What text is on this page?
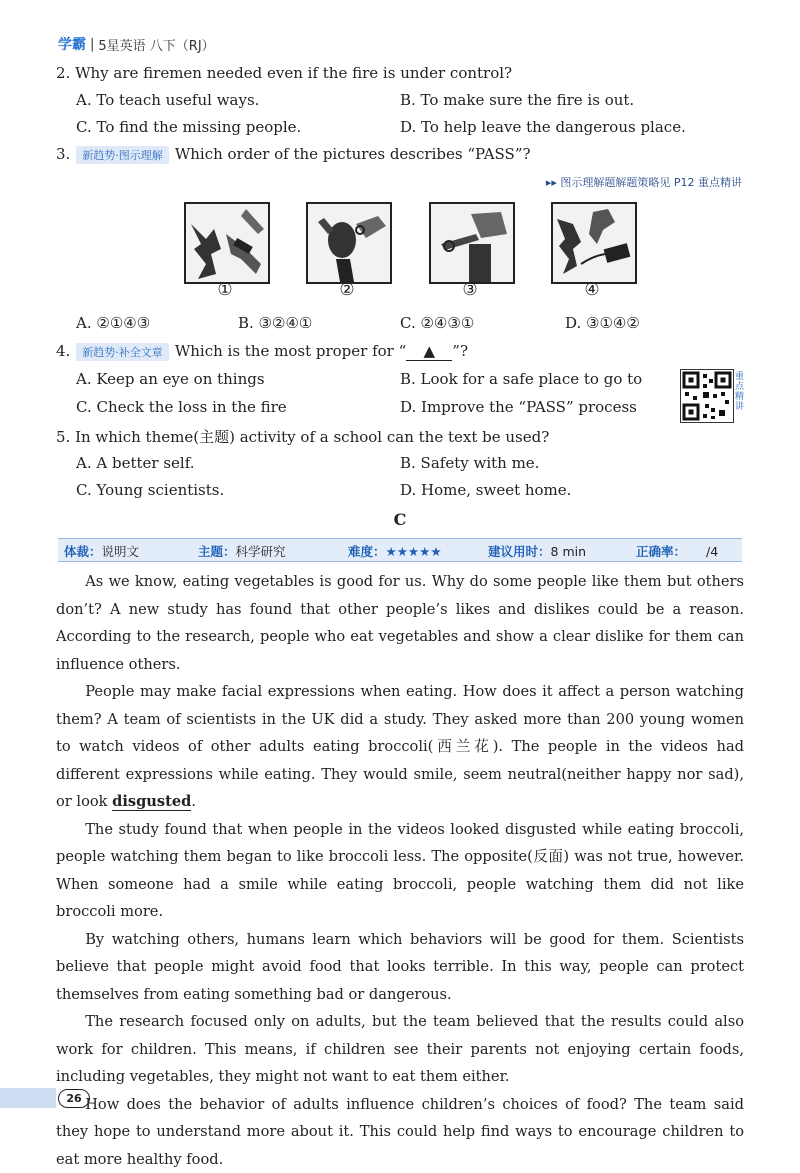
学霸 | 5星英语 八下（RJ）
2. Why are firemen needed even if the fire is under control?
A. To teach useful ways.	B. To make sure the fire is out.
C. To find the missing people.	D. To help leave the dangerous place.
3. 新趋势·图示理解 Which order of the pictures describes “PASS”?
▸▸ 图示理解题解题策略见 P12 重点精讲
①	②	③	④
A. ②①④③	B. ③②④①	C. ②④③①	D. ③①④②
4. 新趋势·补全文章 Which is the most proper for “ ▲ ”?
A. Keep an eye on things	B. Look for a safe place to go to
C. Check the loss in the fire	D. Improve the “PASS” process
重点精讲
5. In which theme(主题) activity of a school can the text be used?
A. A better self.	B. Safety with me.
C. Young scientists.	D. Home, sweet home.
C
体裁：说明文	主题：科学研究	难度：★★★★★	建议用时：8 min	正确率： /4

As we know, eating vegetables is good for us. Why do some people like them but others don’t? A new study has found that other people’s likes and dislikes could be a reason. According to the research, people who eat vegetables and show a clear dislike for them can influence others.

People may make facial expressions when eating. How does it affect a person watching them? A team of scientists in the UK did a study. They asked more than 200 young women to watch videos of other adults eating broccoli(西兰花). The people in the videos had different expressions while eating. They would smile, seem neutral(neither happy nor sad), or look disgusted.

The study found that when people in the videos looked disgusted while eating broccoli, people watching them began to like broccoli less. The opposite(反面) was not true, however. When someone had a smile while eating broccoli, people watching them did not like broccoli more.

By watching others, humans learn which behaviors will be good for them. Scientists believe that people might avoid food that looks terrible. In this way, people can protect themselves from eating something bad or dangerous.

The research focused only on adults, but the team believed that the results could also work for children. This means, if children see their parents not enjoying certain foods, including vegetables, they might not want to eat them either.

How does the behavior of adults influence children’s choices of food? The team said they hope to understand more about it. This could help find ways to encourage children to eat more healthy food.

26
